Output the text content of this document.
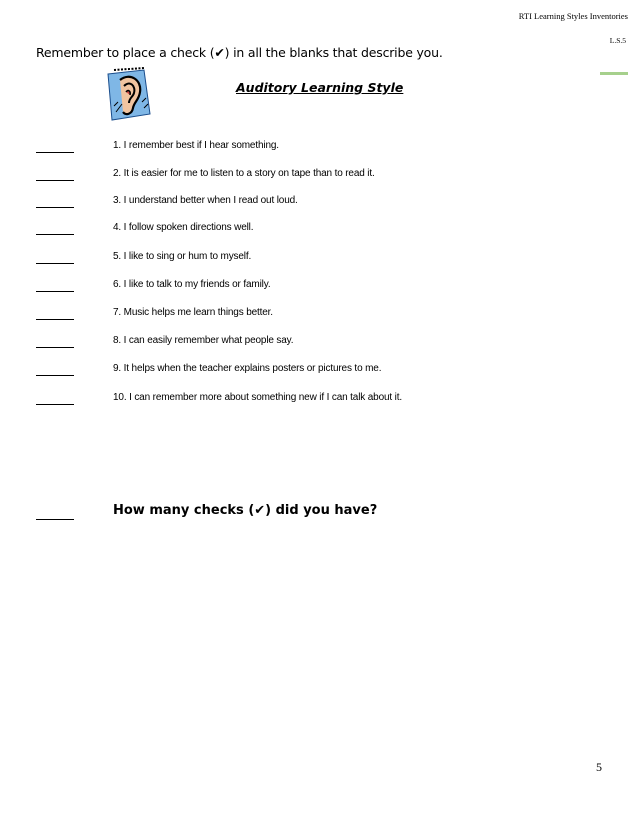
RTI Learning Styles Inventories
L.S.5
Remember to place a check (✔) in all the blanks that describe you.
Auditory Learning Style
1. I remember best if I hear something.
2. It is easier for me to listen to a story on tape than to read it.
3. I understand better when I read out loud.
4. I follow spoken directions well.
5. I like to sing or hum to myself.
6. I like to talk to my friends or family.
7. Music helps me learn things better.
8. I can easily remember what people say.
9. It helps when the teacher explains posters or pictures to me.
10. I can remember more about something new if I can talk about it.
How many checks (✔) did you have?
5
